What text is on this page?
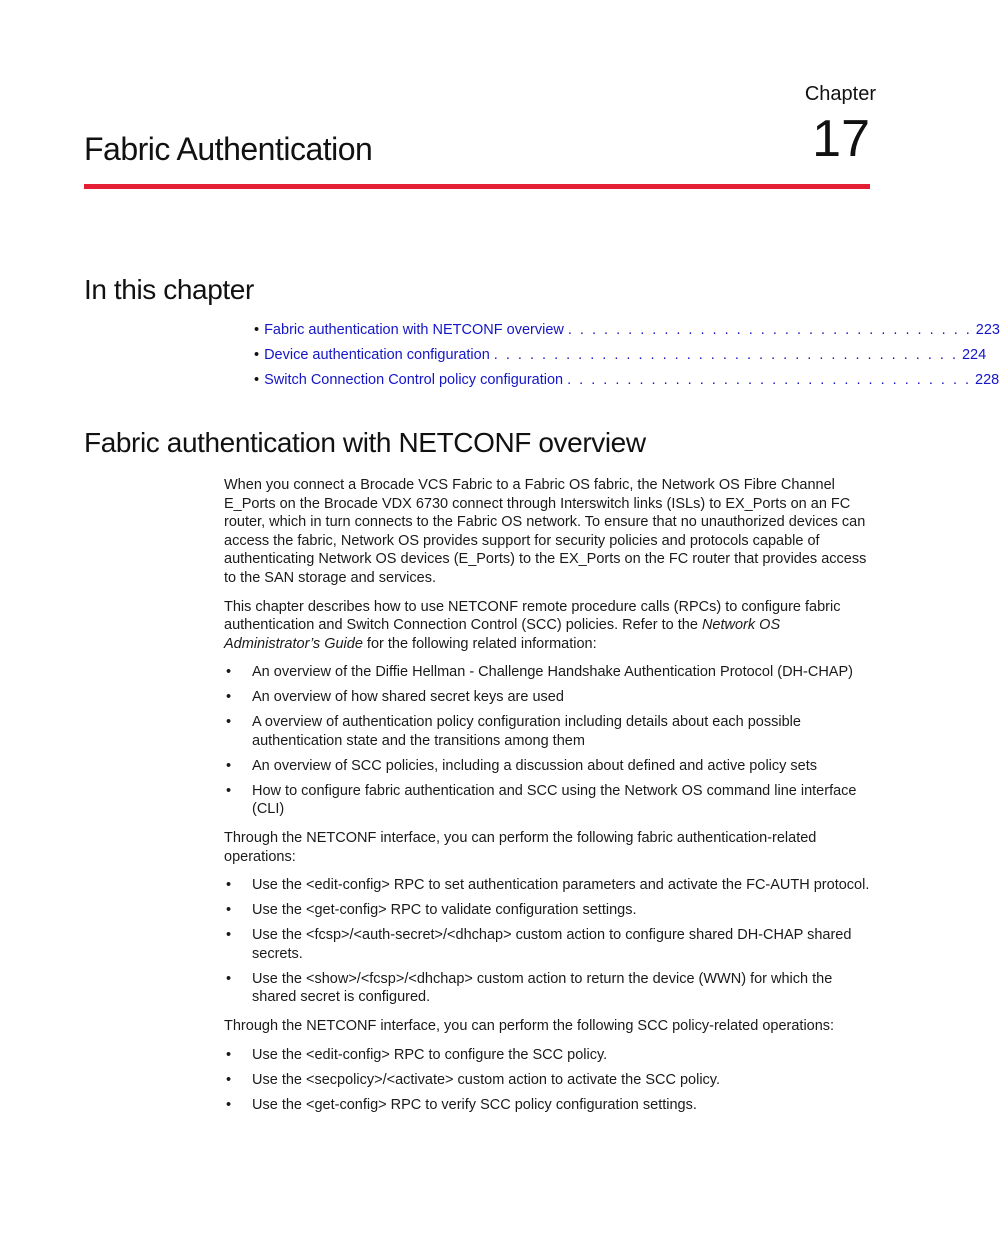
Chapter
17
Fabric Authentication
In this chapter
• Fabric authentication with NETCONF overview . . . . . . . . . . . . . . . . . . . . . . . . . . . . . . . . . . 223
• Device authentication configuration . . . . . . . . . . . . . . . . . . . . . . . . . . . . . . . . . . . . . . . 224
• Switch Connection Control policy configuration . . . . . . . . . . . . . . . . . . . . . . . . . . . . . . . . . . 228
Fabric authentication with NETCONF overview

When you connect a Brocade VCS Fabric to a Fabric OS fabric, the Network OS Fibre Channel E_Ports on the Brocade VDX 6730 connect through Interswitch links (ISLs) to EX_Ports on an FC router, which in turn connects to the Fabric OS network. To ensure that no unauthorized devices can access the fabric, Network OS provides support for security policies and protocols capable of authenticating Network OS devices (E_Ports) to the EX_Ports on the FC router that provides access to the SAN storage and services.

This chapter describes how to use NETCONF remote procedure calls (RPCs) to configure fabric authentication and Switch Connection Control (SCC) policies. Refer to the Network OS Administrator’s Guide for the following related information:

• An overview of the Diffie Hellman - Challenge Handshake Authentication Protocol (DH-CHAP)
• An overview of how shared secret keys are used
• A overview of authentication policy configuration including details about each possible authentication state and the transitions among them
• An overview of SCC policies, including a discussion about defined and active policy sets
• How to configure fabric authentication and SCC using the Network OS command line interface (CLI)

Through the NETCONF interface, you can perform the following fabric authentication-related operations:

• Use the <edit-config> RPC to set authentication parameters and activate the FC-AUTH protocol.
• Use the <get-config> RPC to validate configuration settings.
• Use the <fcsp>/<auth-secret>/<dhchap> custom action to configure shared DH-CHAP shared secrets.
• Use the <show>/<fcsp>/<dhchap> custom action to return the device (WWN) for which the shared secret is configured.

Through the NETCONF interface, you can perform the following SCC policy-related operations:

• Use the <edit-config> RPC to configure the SCC policy.
• Use the <secpolicy>/<activate> custom action to activate the SCC policy.
• Use the <get-config> RPC to verify SCC policy configuration settings.
